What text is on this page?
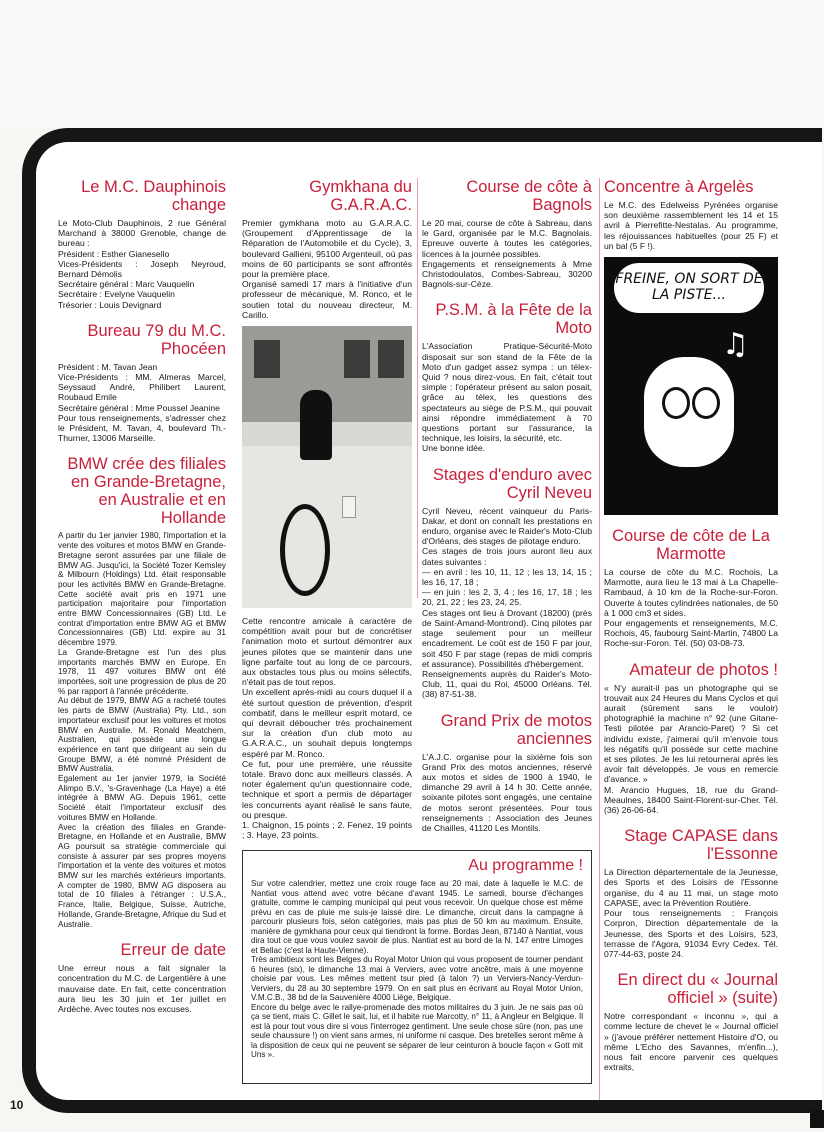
Le M.C. Dauphinois change

Le Moto-Club Dauphinois, 2 rue Général Marchand à 38000 Grenoble, change de bureau :
Président : Esther Gianesello
Vices-Présidents : Joseph Neyroud, Bernard Démolis
Secrétaire général : Marc Vauquelin
Secrétaire : Evelyne Vauquelin
Trésorier : Louis Devignard

Bureau 79 du M.C. Phocéen

Président : M. Tavan Jean
Vice-Présidents : MM. Almeras Marcel, Seyssaud André, Philibert Laurent, Roubaud Emile
Secrétaire général : Mme Poussel Jeanine
Pour tous renseignements, s'adresser chez le Président, M. Tavan, 4, boulevard Th.-Thurner, 13006 Marseille.

BMW crée des filiales en Grande-Bretagne, en Australie et en Hollande

A partir du 1er janvier 1980, l'importation et la vente des voitures et motos BMW en Grande-Bretagne seront assurées par une filiale de BMW AG. Jusqu'ici, la Société Tozer Kemsley & Milbourn (Holdings) Ltd. était responsable pour les activités BMW en Grande-Bretagne. Cette société avait pris en 1971 une participation majoritaire pour l'importation entre BMW Concessionnaires (GB) Ltd. Le contrat d'importation entre BMW AG et BMW Concessionnaires (GB) Ltd. expire au 31 décembre 1979.
La Grande-Bretagne est l'un des plus importants marchés BMW en Europe. En 1978, 11 497 voitures BMW ont été importées, soit une progression de plus de 20 % par rapport à l'année précédente.
Au début de 1979, BMW AG a racheté toutes les parts de BMW (Australia) Pty. Ltd., son importateur exclusif pour les voitures et motos BMW en Australie. M. Ronald Meatchem, Australien, qui possède une longue expérience en tant que dirigeant au sein du Groupe BMW, a été nommé Président de BMW Australia.
Egalement au 1er janvier 1979, la Société Alimpo B.V., 's-Gravenhage (La Haye) a été intégrée à BMW AG. Depuis 1961, cette Société était l'importateur exclusif des voitures BMW en Hollande.
Avec la création des filiales en Grande-Bretagne, en Hollande et en Australie, BMW AG poursuit sa stratégie commerciale qui consiste à assurer par ses propres moyens l'importation et la vente des voitures et motos BMW sur les marchés extérieurs importants. A compter de 1980, BMW AG disposera au total de 10 filiales à l'étranger : U.S.A., France, Italie, Belgique, Suisse, Autriche, Hollande, Grande-Bretagne, Afrique du Sud et Australie.

Erreur de date

Une erreur nous a fait signaler la concentration du M.C. de Largentière à une mauvaise date. En fait, cette concentration aura lieu les 30 juin et 1er juillet en Ardèche. Avec toutes nos excuses.

Gymkhana du G.A.R.A.C.

Premier gymkhana moto au G.A.R.A.C. (Groupement d'Apprentissage de la Réparation de l'Automobile et du Cycle), 3, boulevard Gallieni, 95100 Argenteuil, où pas moins de 60 participants se sont affrontés pour la première place.
Organisé samedi 17 mars à l'initiative d'un professeur de mécanique, M. Ronco, et le soutien total du nouveau directeur, M. Carillo.

Cette rencontre amicale à caractère de compétition avait pour but de concrétiser l'animation moto et surtout démontrer aux jeunes pilotes que se maintenir dans une ligne parfaite tout au long de ce parcours, aux obstacles tous plus ou moins sélectifs, n'était pas de tout repos.
Un excellent après-midi au cours duquel il a été surtout question de prévention, d'esprit combatif, dans le meilleur esprit motard, ce qui devrait déboucher très prochainement sur la création d'un club moto au G.A.R.A.C., un souhait depuis longtemps espéré par M. Ronco.
Ce fut, pour une première, une réussite totale. Bravo donc aux meilleurs classés. A noter également qu'un questionnaire code, technique et sport a permis de départager les concurrents ayant réalisé le sans faute, ou presque.
1. Chaignon, 15 points ; 2. Fenez, 19 points ; 3. Haye, 23 points.

Course de côte à Bagnols

Le 20 mai, course de côte à Sabreau, dans le Gard, organisée par le M.C. Bagnolais. Epreuve ouverte à toutes les catégories, licences à la journée possibles.
Engagements et renseignements à Mme Christodoulatos, Combes-Sabreau, 30200 Bagnols-sur-Cèze.

P.S.M. à la Fête de la Moto

L'Association Pratique-Sécurité-Moto disposait sur son stand de la Fête de la Moto d'un gadget assez sympa : un télex-Quid ? nous direz-vous. En fait, c'était tout simple : l'opérateur présent au salon posait, grâce au télex, les questions des spectateurs au siège de P.S.M., qui pouvait ainsi répondre immédiatement à 70 questions portant sur l'assurance, la technique, les loisirs, la sécurité, etc.
Une bonne idée.

Stages d'enduro avec Cyril Neveu

Cyril Neveu, récent vainqueur du Paris-Dakar, et dont on connaît les prestations en enduro, organise avec le Raider's Moto-Club d'Orléans, des stages de pilotage enduro.
Ces stages de trois jours auront lieu aux dates suivantes :
— en avril : les 10, 11, 12 ; les 13, 14, 15 ; les 16, 17, 18 ;
— en juin : les 2, 3, 4 ; les 16, 17, 18 ; les 20, 21, 22 ; les 23, 24, 25.
Ces stages ont lieu à Drovant (18200) (près de Saint-Amand-Montrond). Cinq pilotes par stage seulement pour un meilleur encadrement. Le coût est de 150 F par jour, soit 450 F par stage (repas de midi compris et assurance). Possibilités d'hébergement.
Renseignements auprès du Raider's Moto-Club, 11, quai du Roi, 45000 Orléans. Tél. (38) 87-51-38.

Grand Prix de motos anciennes

L'A.J.C. organise pour la sixième fois son Grand Prix des motos anciennes, réservé aux motos et sides de 1900 à 1940, le dimanche 29 avril à 14 h 30. Cette année, soixante pilotes sont engagés, une centaine de motos seront présentées. Pour tous renseignements : Association des Jeunes de Chailles, 41120 Les Montils.

Au programme !

Sur votre calendrier, mettez une croix rouge face au 20 mai, date à laquelle le M.C. de Nantiat vous attend avec votre bécane d'avant 1945. Le samedi, bourse d'échanges gratuite, comme le camping municipal qui peut vous recevoir. Un quelque chose est même prévu en cas de pluie me suis-je laissé dire. Le dimanche, circuit dans la campagne à parcourir plusieurs fois, selon catégories, mais pas plus de 50 km au maximum. Ensuite, manière de gymkhana pour ceux qui tiendront la forme. Bordas Jean, 87140 à Nantiat, vous dira tout ce que vous voulez savoir de plus. Nantiat est au bord de la N. 147 entre Limoges et Bellac (c'est la Haute-Vienne).
Très ambitieux sont les Belges du Royal Motor Union qui vous proposent de tourner pendant 6 heures (six), le dimanche 13 mai à Verviers, avec votre ancêtre, mais à une moyenne choisie par vous. Les mêmes mettent tsur pied (à talon ?) un Verviers-Nancy-Verdun-Verviers, du 28 au 30 septembre 1979. On en sait plus en écrivant au Royal Motor Union, V.M.C.B., 38 bd de la Sauvenière 4000 Liège, Belgique.
Encore du belge avec le rallye-promenade des motos militaires du 3 juin. Je ne sais pas où ça se tient, mais C. Gillet le sait, lui, et il habite rue Marcotty, n° 11, à Angleur en Belgique. Il est là pour tout vous dire si vous l'interrogez gentiment. Une seule chose sûre (non, pas une seule chaussure !) on vient sans armes, ni uniforme ni casque. Des bretelles seront même à la disposition de ceux qui ne peuvent se séparer de leur ceinturon à boucle façon « Gott mit Uns ».

Concentre à Argelès

Le M.C. des Edelweiss Pyrénées organise son deuxième rassemblement les 14 et 15 avril à Pierrefitte-Nestalas. Au programme, les réjouissances habituelles (pour 25 F) et un bal (5 F !).

FREINE, ON SORT DE LA PISTE...
♫
Course de côte de La Marmotte

La course de côte du M.C. Rochois, La Marmotte, aura lieu le 13 mai à La Chapelle-Rambaud, à 10 km de la Roche-sur-Foron. Ouverte à toutes cylindrées nationales, de 50 à 1 000 cm3 et sides.
Pour engagements et renseignements, M.C. Rochois, 45, faubourg Saint-Martin, 74800 La Roche-sur-Foron. Tél. (50) 03-08-73.

Amateur de photos !

« N'y aurait-il pas un photographe qui se trouvait aux 24 Heures du Mans Cyclos et qui aurait (sûrement sans le vouloir) photographié la machine n° 92 (une Gitane-Testi pilotée par Arancio-Paret) ? Si cet individu existe, j'aimerai qu'il m'envoie tous les négatifs qu'il possède sur cette machine et ses pilotes. Je les lui retournerai après les avoir fait développés. Je vous en remercie d'avance. »
M. Arancio Hugues, 18, rue du Grand-Meaulnes, 18400 Saint-Florent-sur-Cher. Tél. (36) 26-06-64.

Stage CAPASE dans l'Essonne

La Direction départementale de la Jeunesse, des Sports et des Loisirs de l'Essonne organise, du 4 au 11 mai, un stage moto CAPASE, avec la Prévention Routière.
Pour tous renseignements : François Corpron, Direction départementale de la Jeunesse, des Sports et des Loisirs, 523, terrasse de l'Agora, 91034 Evry Cedex. Tél. 077-44-63, poste 24.

En direct du « Journal officiel » (suite)

Notre correspondant « inconnu », qui a comme lecture de chevet le « Journal officiel » (j'avoue préférer nettement Histoire d'O, ou même L'Echo des Savannes, m'enfin...), nous fait encore parvenir ces quelques extraits,

10
